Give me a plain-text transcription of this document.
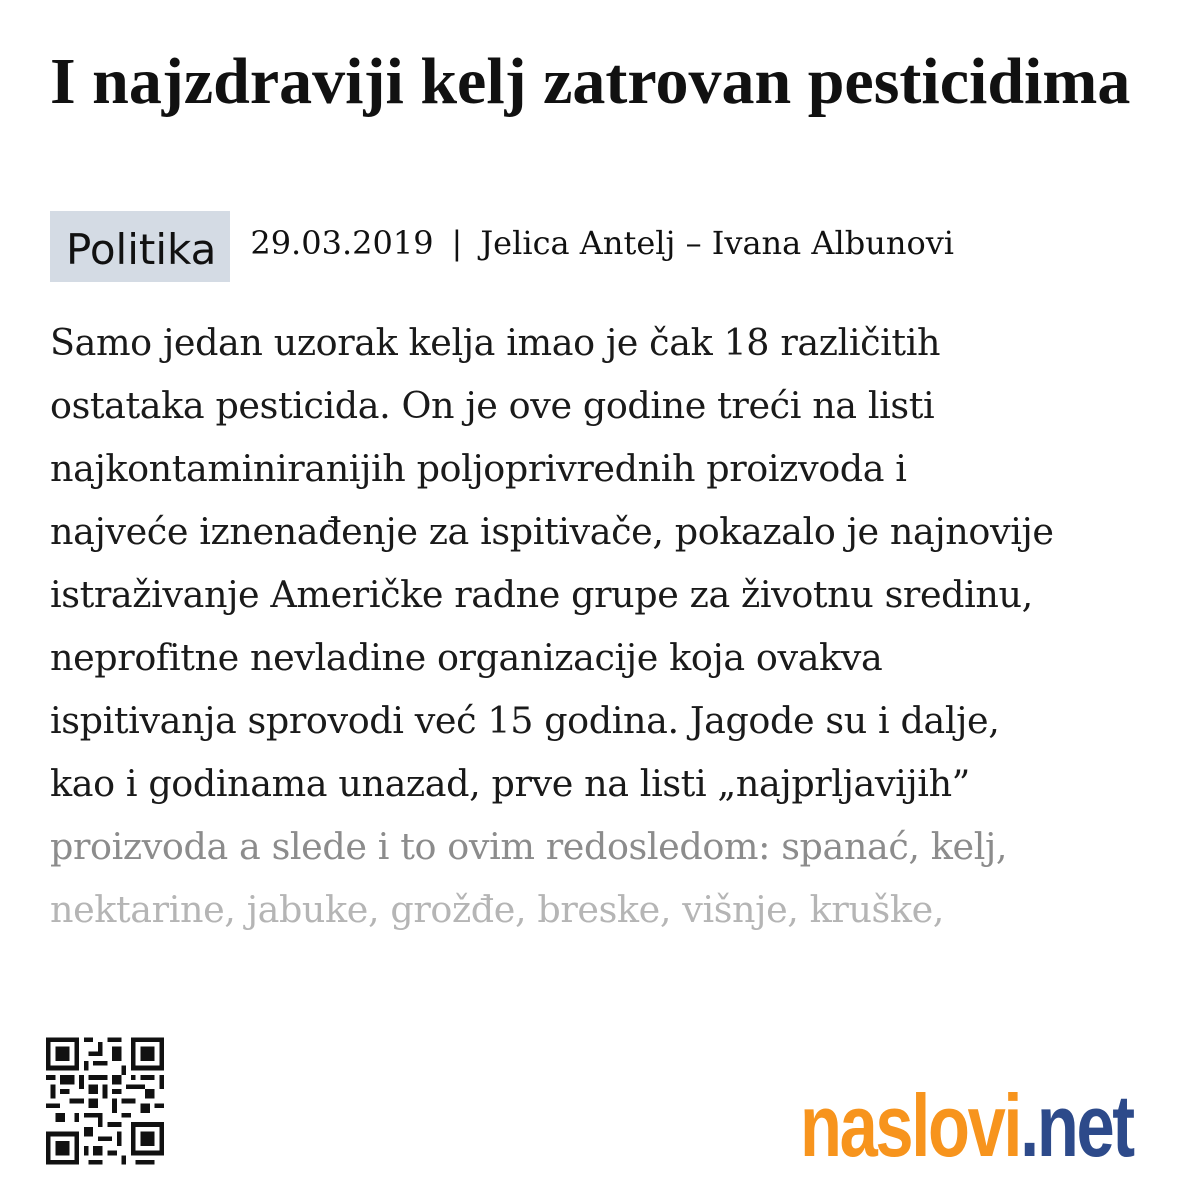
I najzdraviji kelj zatrovan pesticidima
Politika	29.03.2019 | Jelica Antelj – Ivana Albunovi
Samo jedan uzorak kelja imao je čak 18 različitih
ostataka pesticida. On je ove godine treći na listi
najkontaminiranijih poljoprivrednih proizvoda i
najveće iznenađenje za ispitivače, pokazalo je najnovije
istraživanje Američke radne grupe za životnu sredinu,
neprofitne nevladine organizacije koja ovakva
ispitivanja sprovodi već 15 godina. Jagode su i dalje,
kao i godinama unazad, prve na listi „najprljavijih”
proizvoda a slede i to ovim redosledom: spanać, kelj,
nektarine, jabuke, grožđe, breske, višnje, kruške,
naslovi .net
